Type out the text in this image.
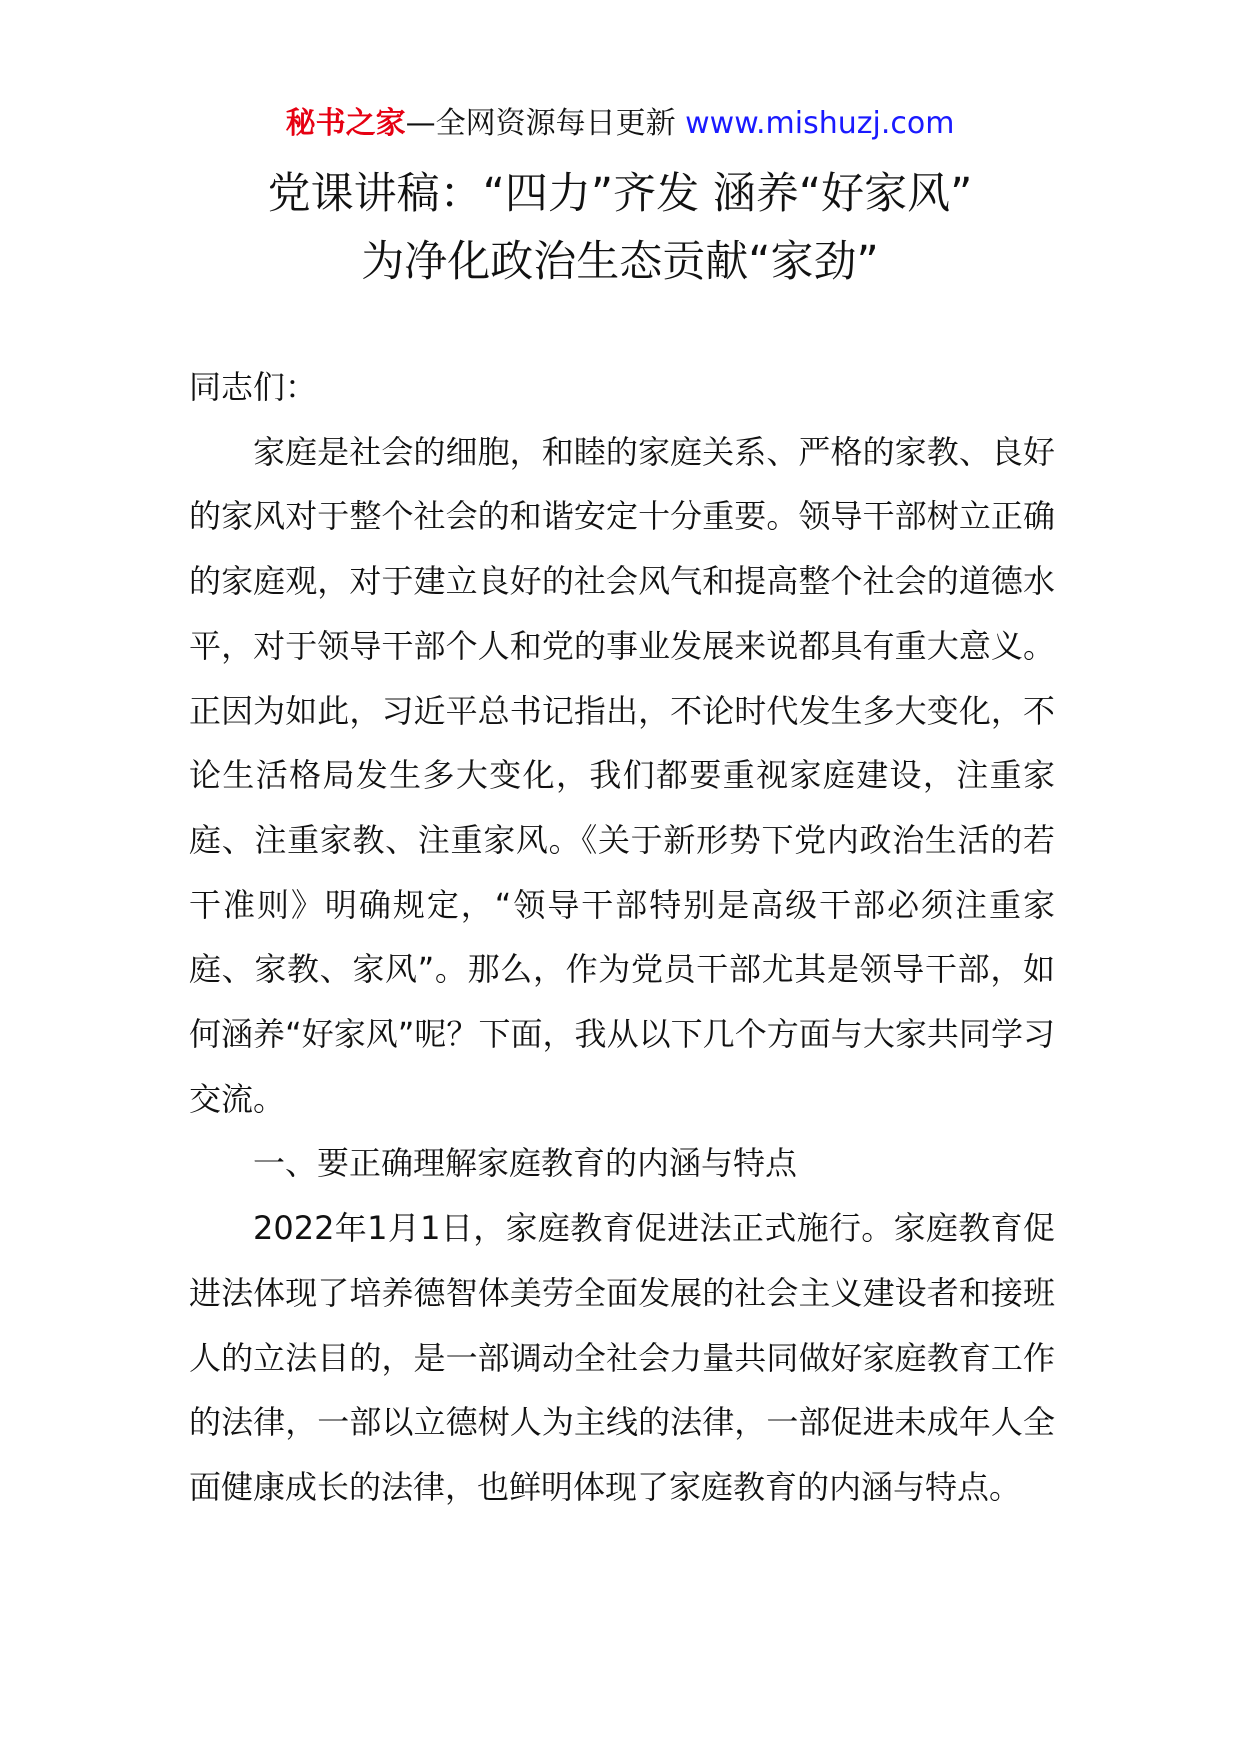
秘书之家—全网资源每日更新 www.mishuzj.com
党课讲稿：“四力”齐发 涵养“好家风”
为净化政治生态贡献“家劲”

同志们：

家庭是社会的细胞，和睦的家庭关系、严格的家教、良好的家风对于整个社会的和谐安定十分重要。领导干部树立正确的家庭观，对于建立良好的社会风气和提高整个社会的道德水平，对于领导干部个人和党的事业发展来说都具有重大意义。正因为如此，习近平总书记指出，不论时代发生多大变化，不论生活格局发生多大变化，我们都要重视家庭建设，注重家庭、注重家教、注重家风。《关于新形势下党内政治生活的若干准则》明确规定，“领导干部特别是高级干部必须注重家庭、家教、家风”。那么，作为党员干部尤其是领导干部，如何涵养“好家风”呢？下面，我从以下几个方面与大家共同学习交流。

一、要正确理解家庭教育的内涵与特点

2022年1月1日，家庭教育促进法正式施行。家庭教育促进法体现了培养德智体美劳全面发展的社会主义建设者和接班人的立法目的，是一部调动全社会力量共同做好家庭教育工作的法律，一部以立德树人为主线的法律，一部促进未成年人全面健康成长的法律，也鲜明体现了家庭教育的内涵与特点。
